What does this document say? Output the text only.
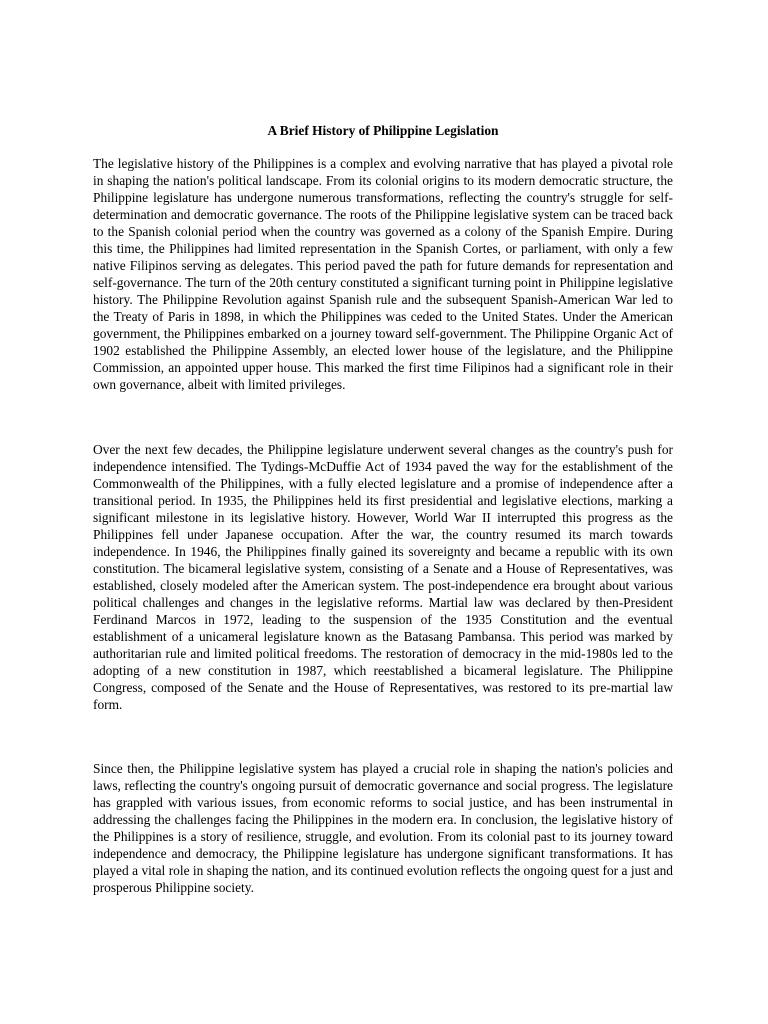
A Brief History of Philippine Legislation

The legislative history of the Philippines is a complex and evolving narrative that has played a pivotal role in shaping the nation's political landscape. From its colonial origins to its modern democratic structure, the Philippine legislature has undergone numerous transformations, reflecting the country's struggle for self-determination and democratic governance. The roots of the Philippine legislative system can be traced back to the Spanish colonial period when the country was governed as a colony of the Spanish Empire. During this time, the Philippines had limited representation in the Spanish Cortes, or parliament, with only a few native Filipinos serving as delegates. This period paved the path for future demands for representation and self-governance. The turn of the 20th century constituted a significant turning point in Philippine legislative history. The Philippine Revolution against Spanish rule and the subsequent Spanish-American War led to the Treaty of Paris in 1898, in which the Philippines was ceded to the United States. Under the American government, the Philippines embarked on a journey toward self-government. The Philippine Organic Act of 1902 established the Philippine Assembly, an elected lower house of the legislature, and the Philippine Commission, an appointed upper house. This marked the first time Filipinos had a significant role in their own governance, albeit with limited privileges.

Over the next few decades, the Philippine legislature underwent several changes as the country's push for independence intensified. The Tydings-McDuffie Act of 1934 paved the way for the establishment of the Commonwealth of the Philippines, with a fully elected legislature and a promise of independence after a transitional period. In 1935, the Philippines held its first presidential and legislative elections, marking a significant milestone in its legislative history. However, World War II interrupted this progress as the Philippines fell under Japanese occupation. After the war, the country resumed its march towards independence. In 1946, the Philippines finally gained its sovereignty and became a republic with its own constitution. The bicameral legislative system, consisting of a Senate and a House of Representatives, was established, closely modeled after the American system. The post-independence era brought about various political challenges and changes in the legislative reforms. Martial law was declared by then-President Ferdinand Marcos in 1972, leading to the suspension of the 1935 Constitution and the eventual establishment of a unicameral legislature known as the Batasang Pambansa. This period was marked by authoritarian rule and limited political freedoms. The restoration of democracy in the mid-1980s led to the adopting of a new constitution in 1987, which reestablished a bicameral legislature. The Philippine Congress, composed of the Senate and the House of Representatives, was restored to its pre-martial law form.

Since then, the Philippine legislative system has played a crucial role in shaping the nation's policies and laws, reflecting the country's ongoing pursuit of democratic governance and social progress. The legislature has grappled with various issues, from economic reforms to social justice, and has been instrumental in addressing the challenges facing the Philippines in the modern era. In conclusion, the legislative history of the Philippines is a story of resilience, struggle, and evolution. From its colonial past to its journey toward independence and democracy, the Philippine legislature has undergone significant transformations. It has played a vital role in shaping the nation, and its continued evolution reflects the ongoing quest for a just and prosperous Philippine society.
